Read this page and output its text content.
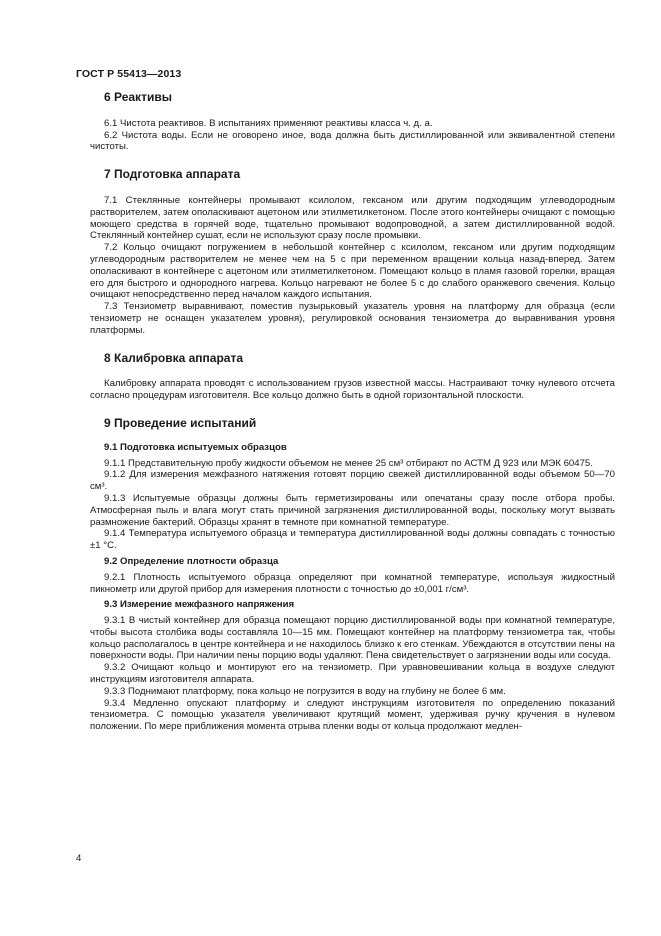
ГОСТ Р 55413—2013
6 Реактивы

6.1 Чистота реактивов. В испытаниях применяют реактивы класса ч. д. а.

6.2 Чистота воды. Если не оговорено иное, вода должна быть дистиллированной или эквивалентной степени чистоты.

7 Подготовка аппарата

7.1 Стеклянные контейнеры промывают ксилолом, гексаном или другим подходящим углеводородным растворителем, затем ополаскивают ацетоном или этилметилкетоном. После этого контейнеры очищают с помощью моющего средства в горячей воде, тщательно промывают водопроводной, а затем дистиллированной водой. Стеклянный контейнер сушат, если не используют сразу после промывки.

7.2 Кольцо очищают погружением в небольшой контейнер с ксилолом, гексаном или другим подходящим углеводородным растворителем не менее чем на 5 с при переменном вращении кольца назад-вперед. Затем ополаскивают в контейнере с ацетоном или этилметилкетоном. Помещают кольцо в пламя газовой горелки, вращая его для быстрого и однородного нагрева. Кольцо нагревают не более 5 с до слабого оранжевого свечения. Кольцо очищают непосредственно перед началом каждого испытания.

7.3 Тензиометр выравнивают, поместив пузырьковый указатель уровня на платформу для образца (если тензиометр не оснащен указателем уровня), регулировкой основания тензиометра до выравнивания уровня платформы.

8 Калибровка аппарата

Калибровку аппарата проводят с использованием грузов известной массы. Настраивают точку нулевого отсчета согласно процедурам изготовителя. Все кольцо должно быть в одной горизонтальной плоскости.

9 Проведение испытаний

9.1 Подготовка испытуемых образцов

9.1.1 Представительную пробу жидкости объемом не менее 25 см³ отбирают по АСТМ Д 923 или МЭК 60475.

9.1.2 Для измерения межфазного натяжения готовят порцию свежей дистиллированной воды объемом 50—70 см³.

9.1.3 Испытуемые образцы должны быть герметизированы или опечатаны сразу после отбора пробы. Атмосферная пыль и влага могут стать причиной загрязнения дистиллированной воды, поскольку могут вызвать размножение бактерий. Образцы хранят в темноте при комнатной температуре.

9.1.4 Температура испытуемого образца и температура дистиллированной воды должны совпадать с точностью ±1 °С.

9.2 Определение плотности образца

9.2.1 Плотность испытуемого образца определяют при комнатной температуре, используя жидкостный пикнометр или другой прибор для измерения плотности с точностью до ±0,001 г/см³.

9.3 Измерение межфазного напряжения

9.3.1 В чистый контейнер для образца помещают порцию дистиллированной воды при комнатной температуре, чтобы высота столбика воды составляла 10—15 мм. Помещают контейнер на платформу тензиометра так, чтобы кольцо располагалось в центре контейнера и не находилось близко к его стенкам. Убеждаются в отсутствии пены на поверхности воды. При наличии пены порцию воды удаляют. Пена свидетельствует о загрязнении воды или сосуда.

9.3.2 Очищают кольцо и монтируют его на тензиометр. При уравновешивании кольца в воздухе следуют инструкциям изготовителя аппарата.

9.3.3 Поднимают платформу, пока кольцо не погрузится в воду на глубину не более 6 мм.

9.3.4 Медленно опускают платформу и следуют инструкциям изготовителя по определению показаний тензиометра. С помощью указателя увеличивают крутящий момент, удерживая ручку кручения в нулевом положении. По мере приближения момента отрыва пленки воды от кольца продолжают медлен-

4
